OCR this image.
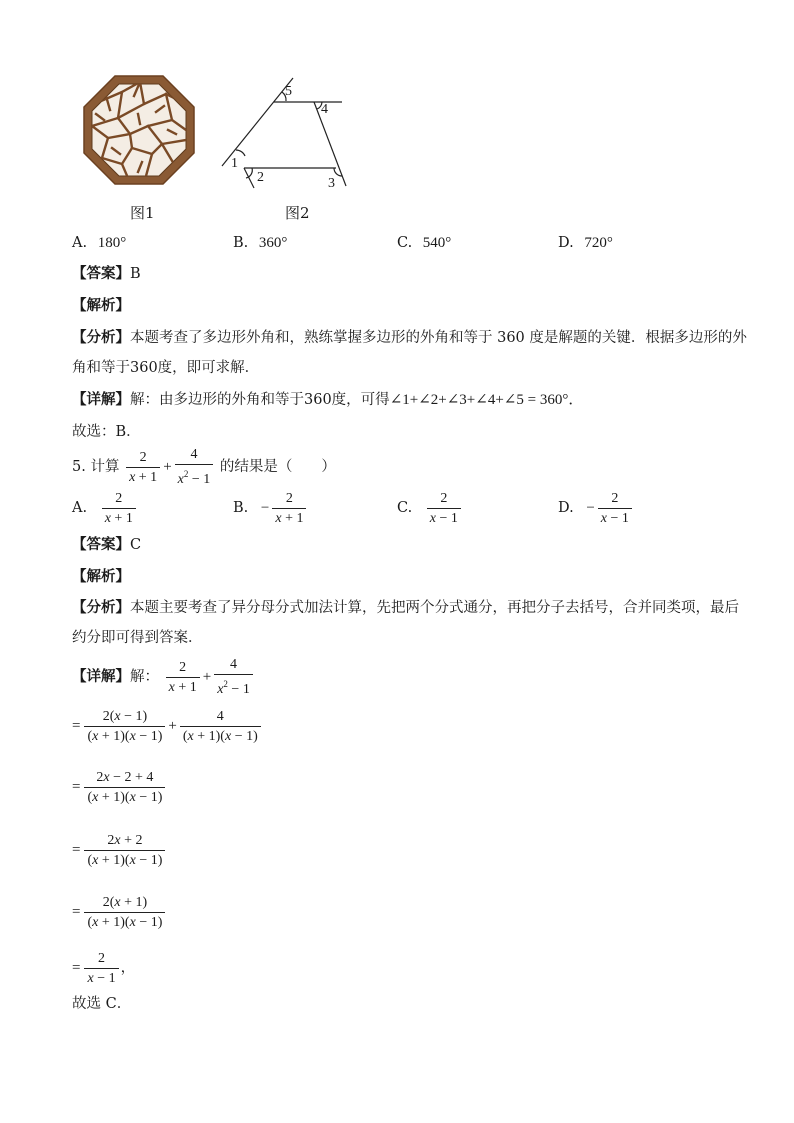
5
4
1
2	3
图1	图2
A. 180°	B. 360°	C. 540°	D. 720°
【答案】B
【解析】
【分析】本题考查了多边形外角和，熟练掌握多边形的外角和等于 360 度是解题的关键．根据多边形的外
角和等于360度，即可求解．
【详解】解：由多边形的外角和等于360度，可得∠1+∠2+∠3+∠4+∠5 = 360°．
故选：B．
5. 计算 $\frac{2}{x + 1} + \frac{4}{x^2 - 1}$ 的结果是（　　）
A. $\frac{2}{x + 1}$	B. − $\frac{2}{x + 1}$	C. $\frac{2}{x - 1}$	D. − $\frac{2}{x - 1}$
【答案】C
【解析】
【分析】本题主要考查了异分母分式加法计算，先把两个分式通分，再把分子去括号，合并同类项，最后
约分即可得到答案．
【详解】解： $\frac{2}{x + 1} + \frac{4}{x^2 - 1}$
= $\frac{2(x - 1)}{(x + 1)(x - 1)} + \frac{4}{(x + 1)(x - 1)}$
= $\frac{2x - 2 + 4}{(x + 1)(x - 1)}$
= $\frac{2x + 2}{(x + 1)(x - 1)}$
= $\frac{2(x + 1)}{(x + 1)(x - 1)}$
= $\frac{2}{x - 1}$ ，
故选 C．
